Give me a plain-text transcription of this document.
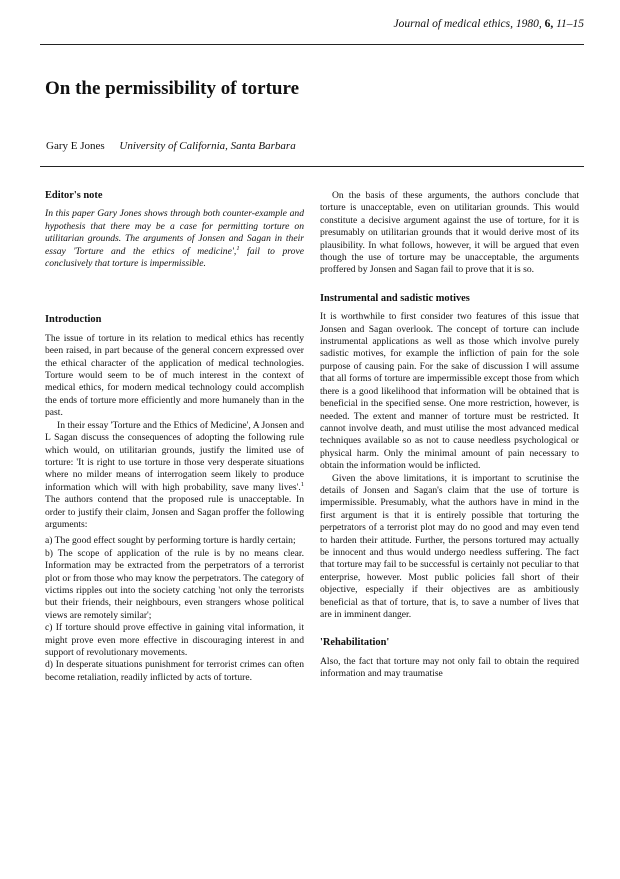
Journal of medical ethics, 1980, 6, 11–15
On the permissibility of torture
Gary E Jones University of California, Santa Barbara
Editor's note

In this paper Gary Jones shows through both counter-example and hypothesis that there may be a case for permitting torture on utilitarian grounds. The arguments of Jonsen and Sagan in their essay 'Torture and the ethics of medicine',$^1$ fail to prove conclusively that torture is impermissible.

Introduction

The issue of torture in its relation to medical ethics has recently been raised, in part because of the general concern expressed over the ethical character of the application of medical technologies. Torture would seem to be of much interest in the context of medical ethics, for modern medical technology could accomplish the ends of torture more efficiently and more humanely than in the past.

In their essay 'Torture and the Ethics of Medicine', A Jonsen and L Sagan discuss the consequences of adopting the following rule which would, on utilitarian grounds, justify the limited use of torture: 'It is right to use torture in those very desperate situations where no milder means of interrogation seem likely to produce information which will with high probability, save many lives'.$^1$ The authors contend that the proposed rule is unacceptable. In order to justify their claim, Jonsen and Sagan proffer the following arguments:

a) The good effect sought by performing torture is hardly certain;

b) The scope of application of the rule is by no means clear. Information may be extracted from the perpetrators of a terrorist plot or from those who may know the perpetrators. The category of victims ripples out into the society catching 'not only the terrorists but their friends, their neighbours, even strangers whose political views are remotely similar';

c) If torture should prove effective in gaining vital information, it might prove even more effective in discouraging interest in and support of revolutionary movements.

d) In desperate situations punishment for terrorist crimes can often become retaliation, readily inflicted by acts of torture.

On the basis of these arguments, the authors conclude that torture is unacceptable, even on utilitarian grounds. This would constitute a decisive argument against the use of torture, for it is presumably on utilitarian grounds that it would derive most of its plausibility. In what follows, however, it will be argued that even though the use of torture may be unacceptable, the arguments proffered by Jonsen and Sagan fail to prove that it is so.

Instrumental and sadistic motives

It is worthwhile to first consider two features of this issue that Jonsen and Sagan overlook. The concept of torture can include instrumental applications as well as those which involve purely sadistic motives, for example the infliction of pain for the sole purpose of causing pain. For the sake of discussion I will assume that all forms of torture are impermissible except those from which there is a good likelihood that information will be obtained that is beneficial in the specified sense. One more restriction, however, is needed. The extent and manner of torture must be restricted. It cannot involve death, and must utilise the most advanced medical techniques available so as not to cause needless psychological or physical harm. Only the minimal amount of pain necessary to obtain the information would be inflicted.

Given the above limitations, it is important to scrutinise the details of Jonsen and Sagan's claim that the use of torture is impermissible. Presumably, what the authors have in mind in the first argument is that it is entirely possible that torturing the perpetrators of a terrorist plot may do no good and may even tend to harden their attitude. Further, the persons tortured may actually be innocent and thus would undergo needless suffering. The fact that torture may fail to be successful is certainly not peculiar to that enterprise, however. Most public policies fall short of their objective, especially if their objectives are as ambitiously beneficial as that of torture, that is, to save a number of lives that are in imminent danger.

'Rehabilitation'

Also, the fact that torture may not only fail to obtain the required information and may traumatise
